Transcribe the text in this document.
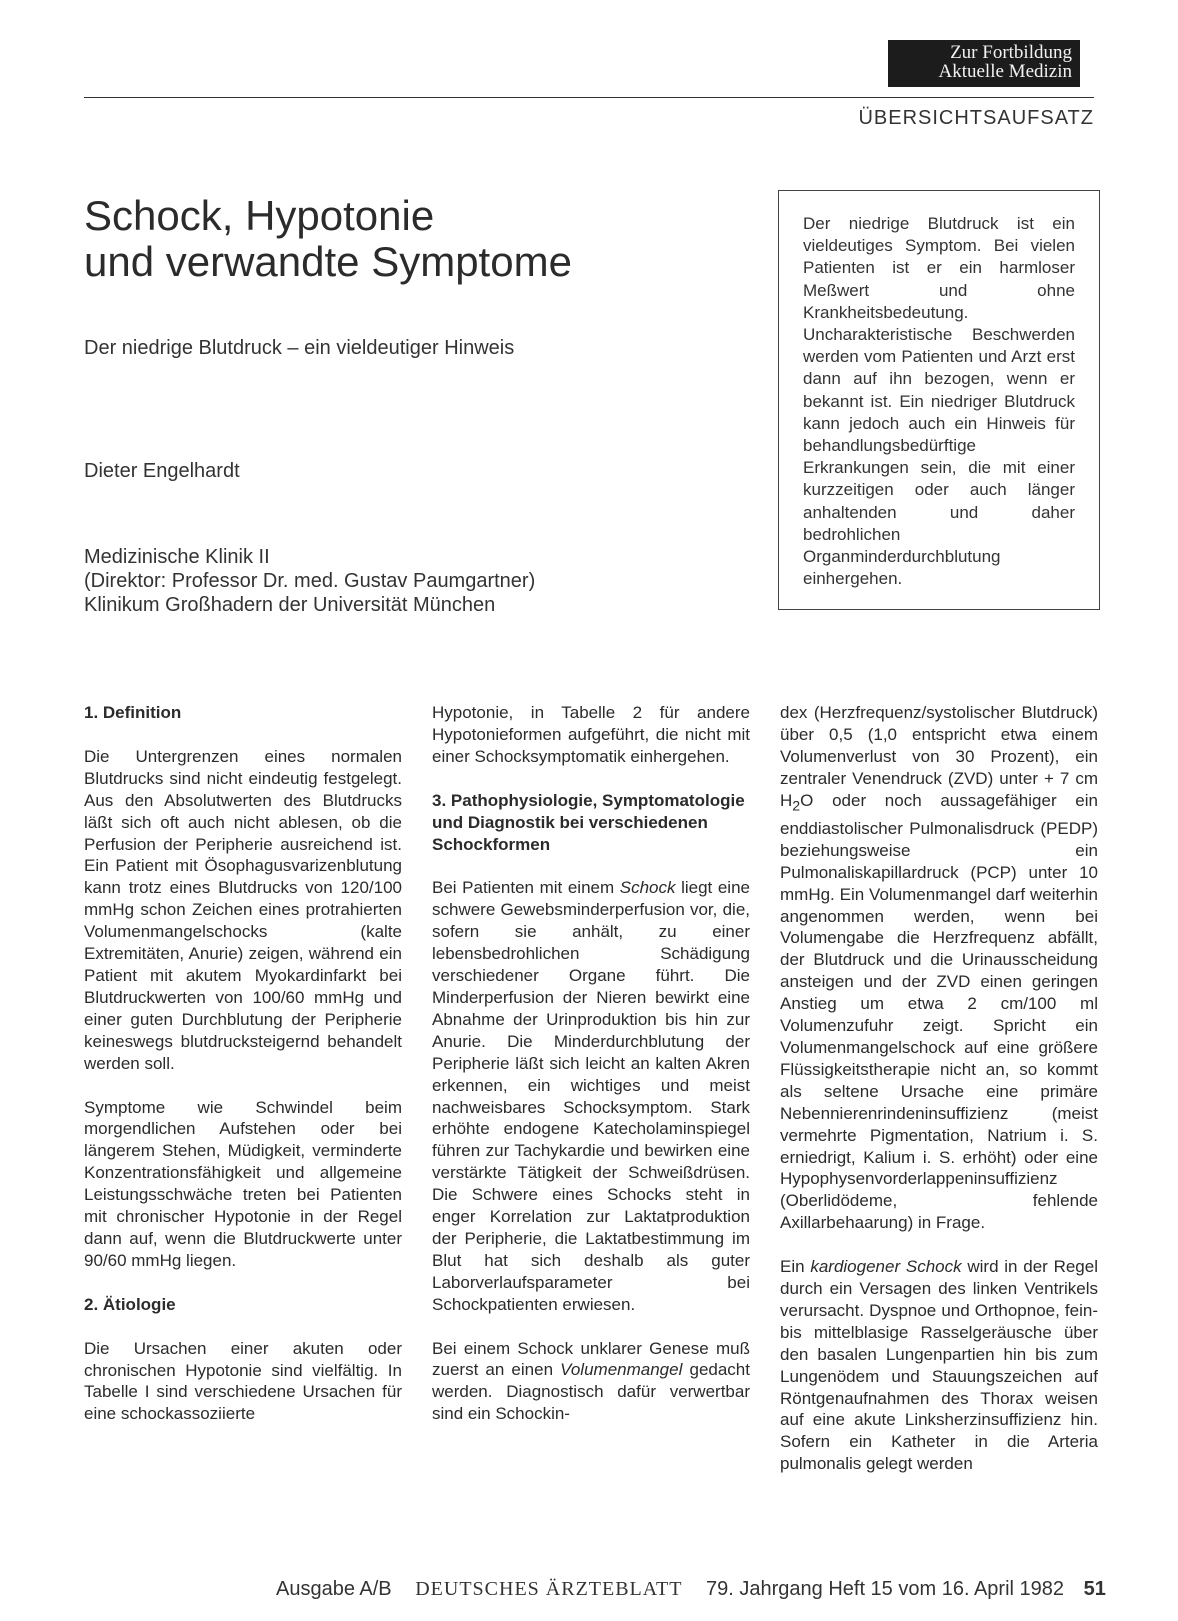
Zur Fortbildung
Aktuelle Medizin
ÜBERSICHTSAUFSATZ
Schock, Hypotonie
und verwandte Symptome
Der niedrige Blutdruck – ein vieldeutiger Hinweis
Dieter Engelhardt
Medizinische Klinik II
(Direktor: Professor Dr. med. Gustav Paumgartner)
Klinikum Großhadern der Universität München
Der niedrige Blutdruck ist ein vieldeutiges Symptom. Bei vielen Patienten ist er ein harmloser Meßwert und ohne Krankheitsbedeutung. Uncharakteristische Beschwerden werden vom Patienten und Arzt erst dann auf ihn bezogen, wenn er bekannt ist. Ein niedriger Blutdruck kann jedoch auch ein Hinweis für behandlungsbedürftige Erkrankungen sein, die mit einer kurzzeitigen oder auch länger anhaltenden und daher bedrohlichen Organminderdurchblutung einhergehen.
1. Definition

Die Untergrenzen eines normalen Blutdrucks sind nicht eindeutig festgelegt. Aus den Absolutwerten des Blutdrucks läßt sich oft auch nicht ablesen, ob die Perfusion der Peripherie ausreichend ist. Ein Patient mit Ösophagusvarizenblutung kann trotz eines Blutdrucks von 120/100 mmHg schon Zeichen eines protrahierten Volumenmangelschocks (kalte Extremitäten, Anurie) zeigen, während ein Patient mit akutem Myokardinfarkt bei Blutdruckwerten von 100/60 mmHg und einer guten Durchblutung der Peripherie keineswegs blutdrucksteigernd behandelt werden soll.

Symptome wie Schwindel beim morgendlichen Aufstehen oder bei längerem Stehen, Müdigkeit, verminderte Konzentrationsfähigkeit und allgemeine Leistungsschwäche treten bei Patienten mit chronischer Hypotonie in der Regel dann auf, wenn die Blutdruckwerte unter 90/60 mmHg liegen.

2. Ätiologie

Die Ursachen einer akuten oder chronischen Hypotonie sind vielfältig. In Tabelle I sind verschiedene Ursachen für eine schockassoziierte

Hypotonie, in Tabelle 2 für andere Hypotonieformen aufgeführt, die nicht mit einer Schocksymptomatik einhergehen.

3. Pathophysiologie, Symptomatologie und Diagnostik bei verschiedenen Schockformen

Bei Patienten mit einem Schock liegt eine schwere Gewebsminderperfusion vor, die, sofern sie anhält, zu einer lebensbedrohlichen Schädigung verschiedener Organe führt. Die Minderperfusion der Nieren bewirkt eine Abnahme der Urinproduktion bis hin zur Anurie. Die Minderdurchblutung der Peripherie läßt sich leicht an kalten Akren erkennen, ein wichtiges und meist nachweisbares Schocksymptom. Stark erhöhte endogene Katecholaminspiegel führen zur Tachykardie und bewirken eine verstärkte Tätigkeit der Schweißdrüsen. Die Schwere eines Schocks steht in enger Korrelation zur Laktatproduktion der Peripherie, die Laktatbestimmung im Blut hat sich deshalb als guter Laborverlaufsparameter bei Schockpatienten erwiesen.

Bei einem Schock unklarer Genese muß zuerst an einen Volumenmangel gedacht werden. Diagnostisch dafür verwertbar sind ein Schockin-

dex (Herzfrequenz/systolischer Blutdruck) über 0,5 (1,0 entspricht etwa einem Volumenverlust von 30 Prozent), ein zentraler Venendruck (ZVD) unter + 7 cm $H_2O$ oder noch aussagefähiger ein enddiastolischer Pulmonalisdruck (PEDP) beziehungsweise ein Pulmonaliskapillardruck (PCP) unter 10 mmHg. Ein Volumenmangel darf weiterhin angenommen werden, wenn bei Volumengabe die Herzfrequenz abfällt, der Blutdruck und die Urinausscheidung ansteigen und der ZVD einen geringen Anstieg um etwa 2 cm/100 ml Volumenzufuhr zeigt. Spricht ein Volumenmangelschock auf eine größere Flüssigkeitstherapie nicht an, so kommt als seltene Ursache eine primäre Nebennierenrindeninsuffizienz (meist vermehrte Pigmentation, Natrium i. S. erniedrigt, Kalium i. S. erhöht) oder eine Hypophysenvorderlappeninsuffizienz (Oberlidödeme, fehlende Axillarbehaarung) in Frage.

Ein kardiogener Schock wird in der Regel durch ein Versagen des linken Ventrikels verursacht. Dyspnoe und Orthopnoe, fein- bis mittelblasige Rasselgeräusche über den basalen Lungenpartien hin bis zum Lungenödem und Stauungszeichen auf Röntgenaufnahmen des Thorax weisen auf eine akute Linksherzinsuffizienz hin. Sofern ein Katheter in die Arteria pulmonalis gelegt werden

Ausgabe A/B DEUTSCHES ÄRZTEBLATT 79. Jahrgang Heft 15 vom 16. April 1982 51
